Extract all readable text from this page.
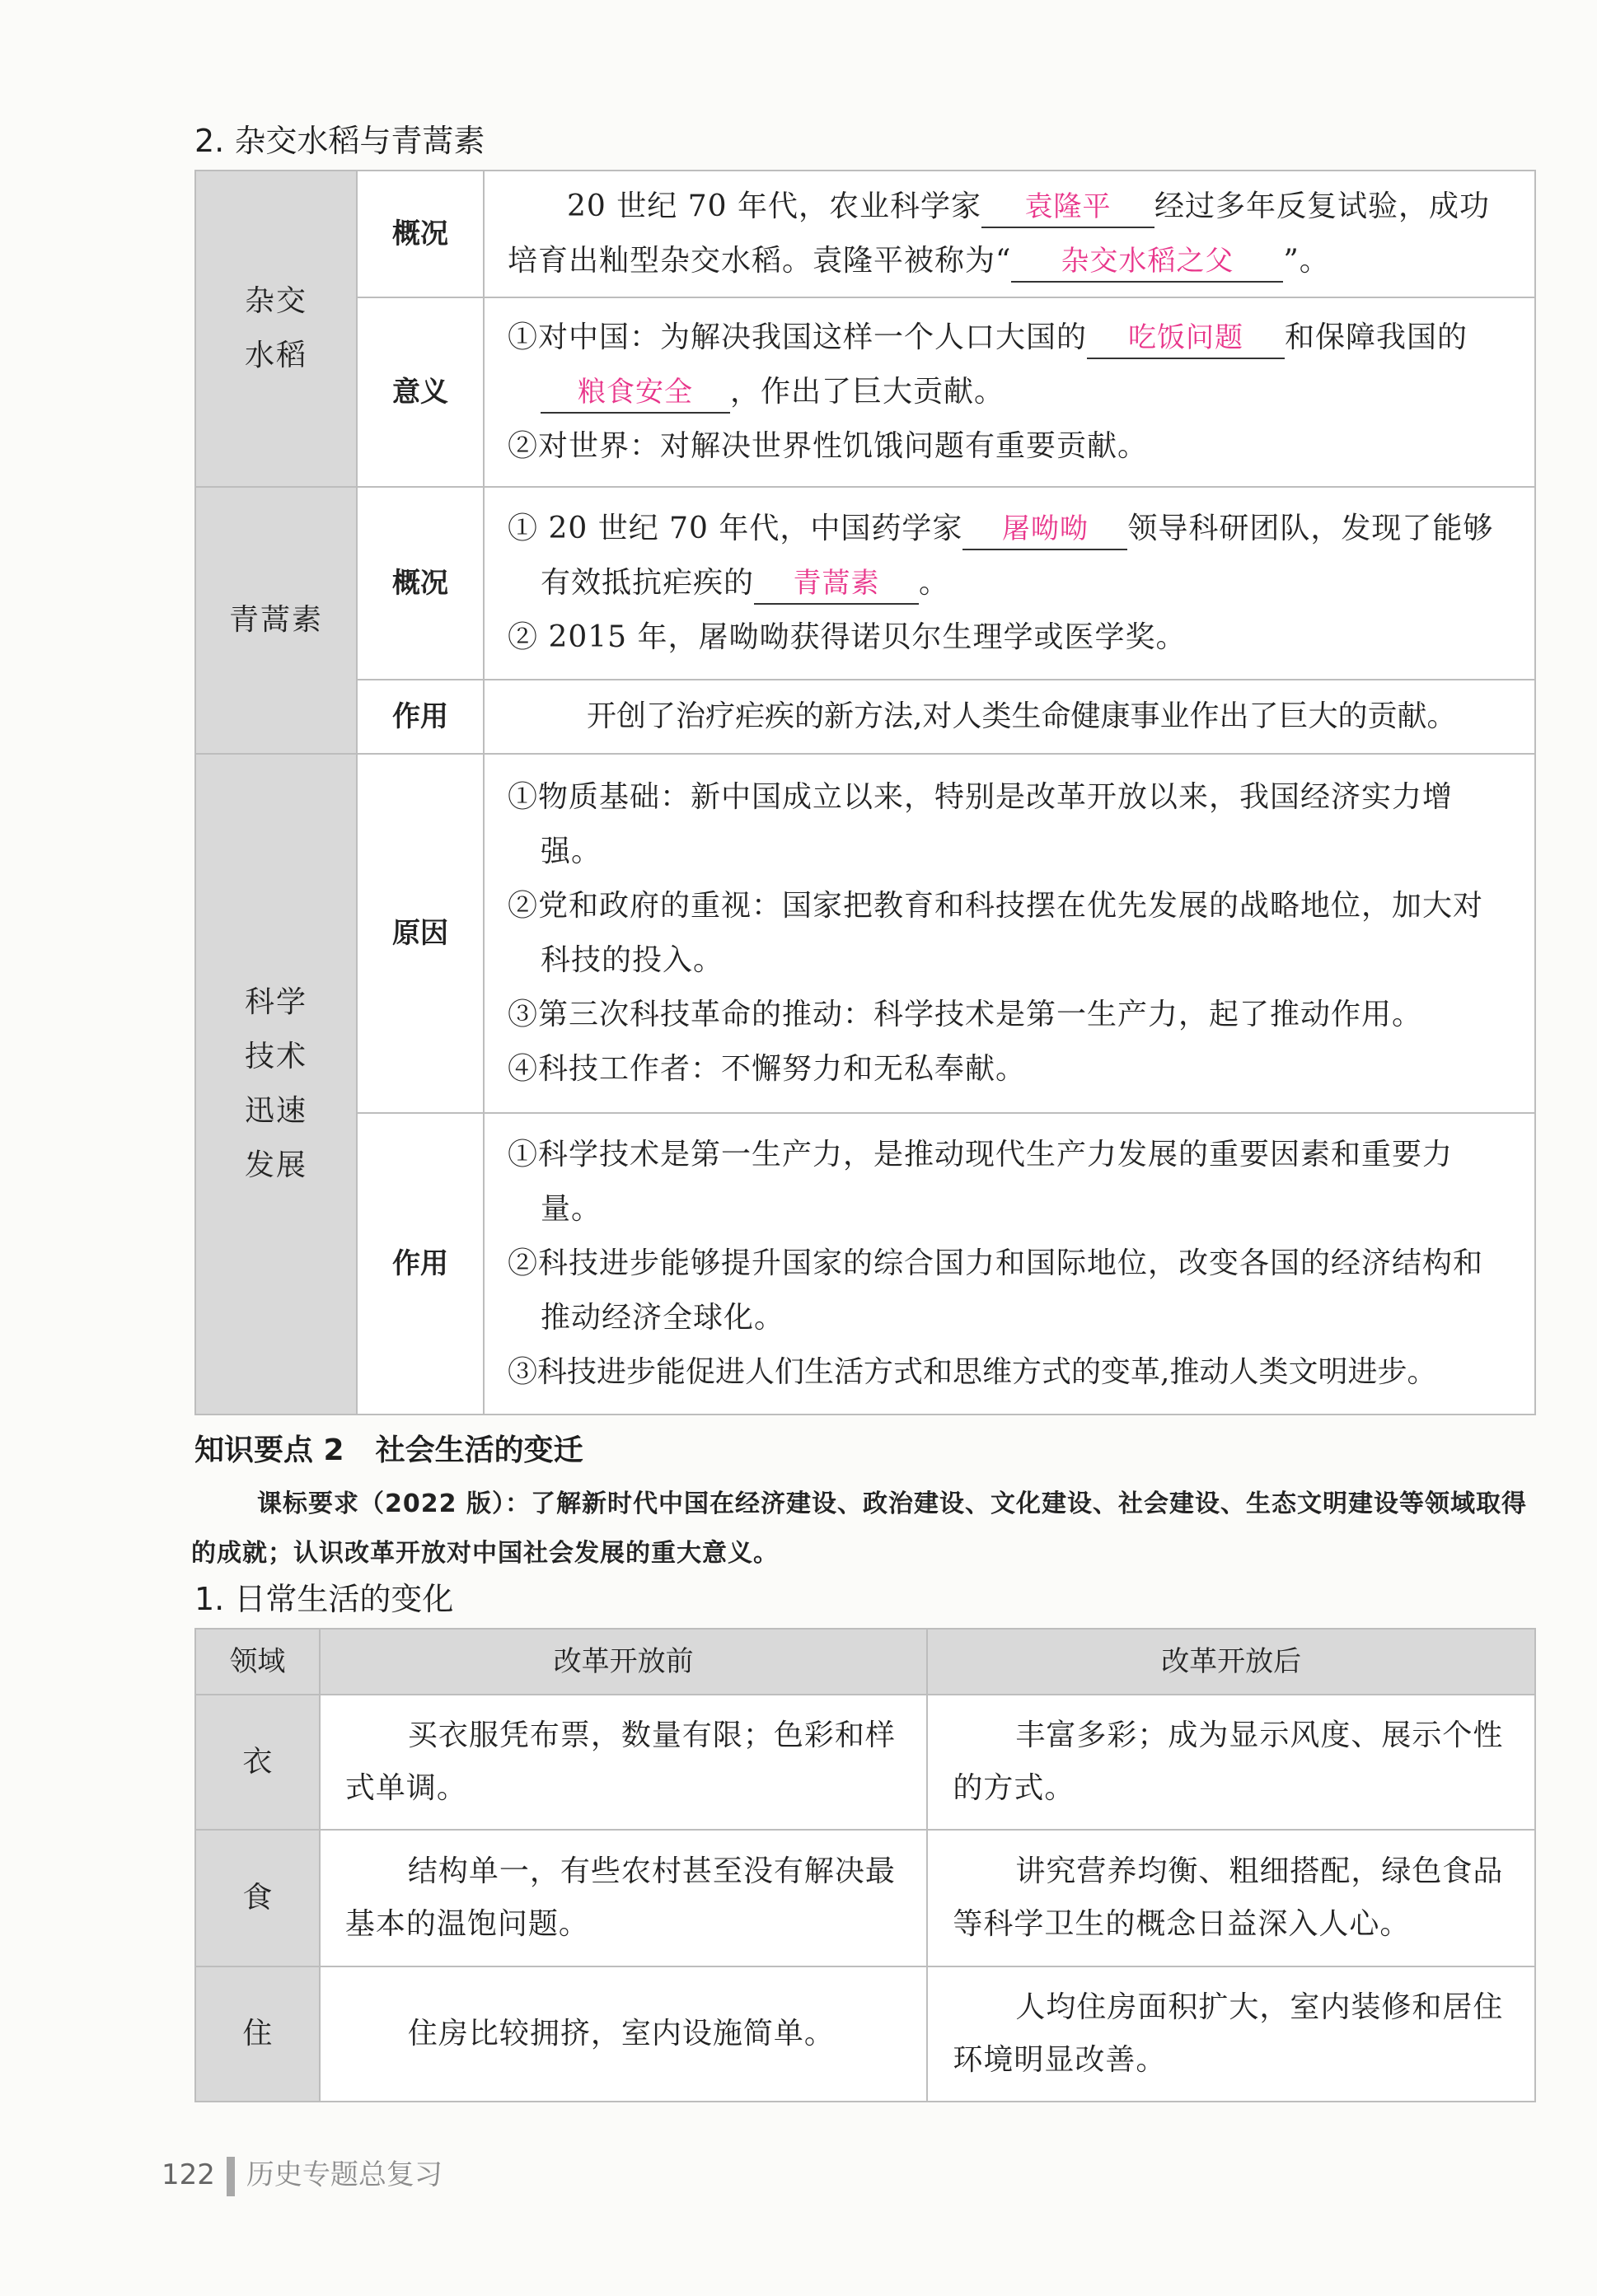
2. 杂交水稻与青蒿素
杂交水稻	概况	20 世纪 70 年代，农业科学家 袁隆平 经过多年反复试验，成功培育出籼型杂交水稻。袁隆平被称为“ 杂交水稻之父 ”。

	意义	①对中国：为解决我国这样一个人口大国的 吃饭问题 和保障我国的粮食安全 ，作出了巨大贡献。

②对世界：对解决世界性饥饿问题有重要贡献。

青蒿素	概况	① 20 世纪 70 年代，中国药学家 屠呦呦 领导科研团队，发现了能够有效抵抗疟疾的 青蒿素 。

② 2015 年，屠呦呦获得诺贝尔生理学或医学奖。

	作用	开创了治疗疟疾的新方法,对人类生命健康事业作出了巨大的贡献。

科学技术迅速发展	原因	①物质基础：新中国成立以来，特别是改革开放以来，我国经济实力增强。

②党和政府的重视：国家把教育和科技摆在优先发展的战略地位，加大对科技的投入。

③第三次科技革命的推动：科学技术是第一生产力，起了推动作用。

④科技工作者：不懈努力和无私奉献。

	作用	①科学技术是第一生产力，是推动现代生产力发展的重要因素和重要力量。

②科技进步能够提升国家的综合国力和国际地位，改变各国的经济结构和推动经济全球化。

③科技进步能促进人们生活方式和思维方式的变革,推动人类文明进步。

知识要点 2 社会生活的变迁
课标要求（2022 版）：了解新时代中国在经济建设、政治建设、文化建设、社会建设、生态文明建设等领域取得的成就；认识改革开放对中国社会发展的重大意义。
1. 日常生活的变化
领域	改革开放前	改革开放后
衣	买衣服凭布票，数量有限；色彩和样式单调。	丰富多彩；成为显示风度、展示个性的方式。

食	结构单一，有些农村甚至没有解决最基本的温饱问题。	讲究营养均衡、粗细搭配，绿色食品等科学卫生的概念日益深入人心。

住	住房比较拥挤，室内设施简单。	人均住房面积扩大，室内装修和居住环境明显改善。

122 历史专题总复习
